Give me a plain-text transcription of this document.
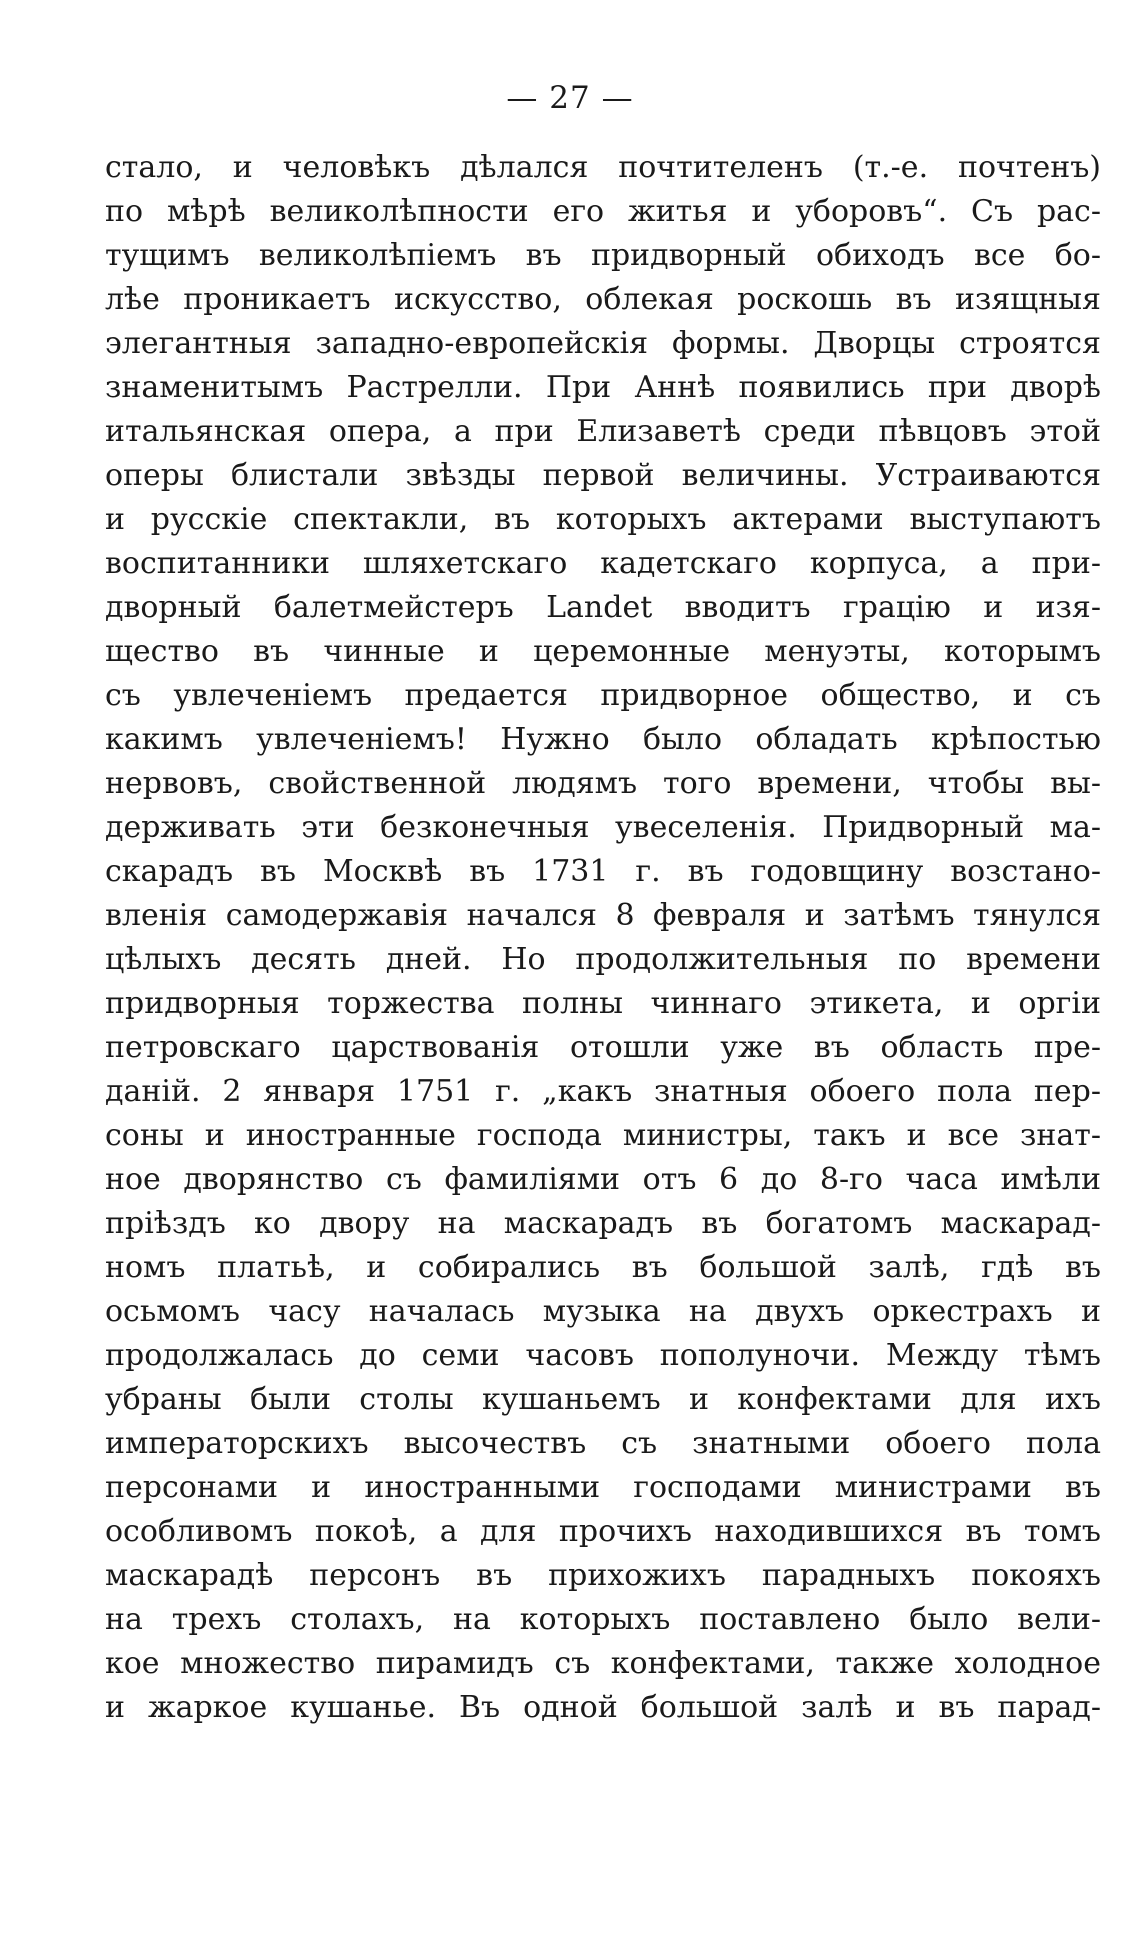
— 27 —
стало, и человѣкъ дѣлался почтителенъ (т.-е. почтенъ)
по мѣрѣ великолѣпности его житья и уборовъ“. Съ рас-
тущимъ великолѣпіемъ въ придворный обиходъ все бо-
лѣе проникаетъ искусство, облекая роскошь въ изящныя
элегантныя западно-европейскія формы. Дворцы строятся
знаменитымъ Растрелли. При Аннѣ появились при дворѣ
итальянская опера, а при Елизаветѣ среди пѣвцовъ этой
оперы блистали звѣзды первой величины. Устраиваются
и русскіе спектакли, въ которыхъ актерами выступаютъ
воспитанники шляхетскаго кадетскаго корпуса, а при-
дворный балетмейстеръ Landet вводитъ грацію и изя-
щество въ чинные и церемонные менуэты, которымъ
съ увлеченіемъ предается придворное общество, и съ
какимъ увлеченіемъ! Нужно было обладать крѣпостью
нервовъ, свойственной людямъ того времени, чтобы вы-
держивать эти безконечныя увеселенія. Придворный ма-
скарадъ въ Москвѣ въ 1731 г. въ годовщину возстано-
вленія самодержавія начался 8 февраля и затѣмъ тянулся
цѣлыхъ десять дней. Но продолжительныя по времени
придворныя торжества полны чиннаго этикета, и оргіи
петровскаго царствованія отошли уже въ область пре-
даній. 2 января 1751 г. „какъ знатныя обоего пола пер-
соны и иностранные господа министры, такъ и все знат-
ное дворянство съ фамиліями отъ 6 до 8-го часа имѣли
пріѣздъ ко двору на маскарадъ въ богатомъ маскарад-
номъ платьѣ, и собирались въ большой залѣ, гдѣ въ
осьмомъ часу началась музыка на двухъ оркестрахъ и
продолжалась до семи часовъ пополуночи. Между тѣмъ
убраны были столы кушаньемъ и конфектами для ихъ
императорскихъ высочествъ съ знатными обоего пола
персонами и иностранными господами министрами въ
особливомъ покоѣ, а для прочихъ находившихся въ томъ
маскарадѣ персонъ въ прихожихъ парадныхъ покояхъ
на трехъ столахъ, на которыхъ поставлено было вели-
кое множество пирамидъ съ конфектами, также холодное
и жаркое кушанье. Въ одной большой залѣ и въ парад-
